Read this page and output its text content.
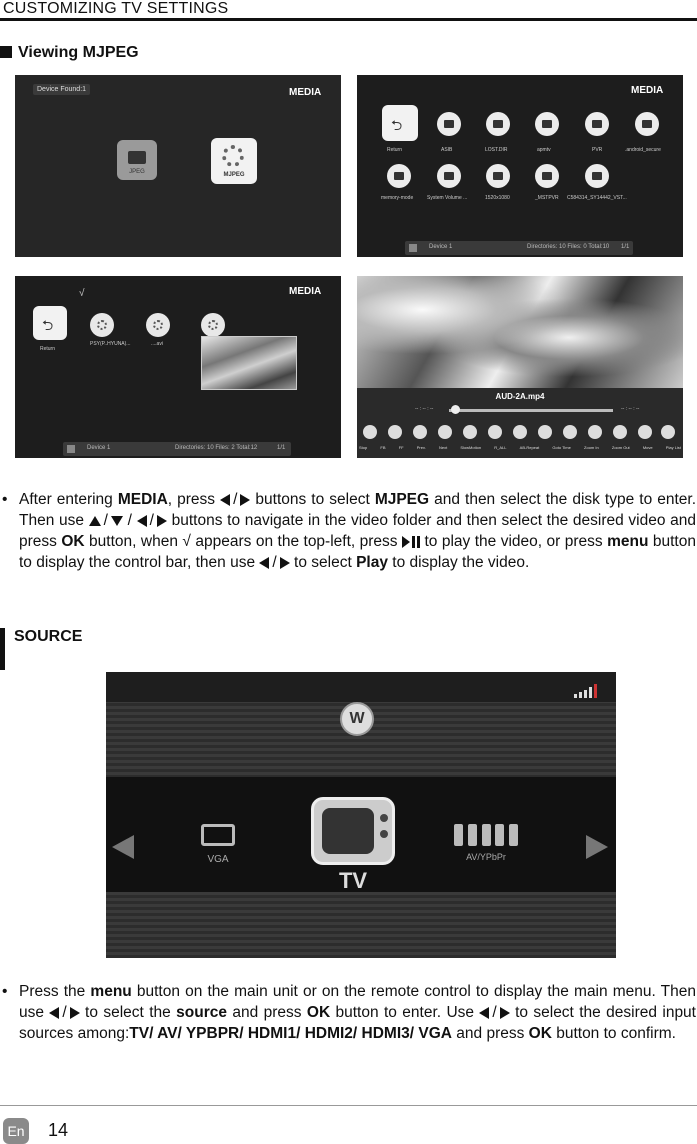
CUSTOMIZING TV SETTINGS
Viewing MJPEG
Device Found:1	MEDIA
JPEG	MJPEG
MEDIA
⮌
Return	ASIB	LOST.DIR	apmtv	PVR	.android_secure
memory-mode	System Volume ...	1520x1080	_MSTPVR C584314_SY14442_VST...
Device 1	Directories: 10 Files: 0 Total:10 1/1
MEDIA
⮌
Return
√
PSY(P..HYUNA)...	....avi
Device 1	Directories: 10 Files: 2 Total:12	1/1
AUD-2A.mp4
-- : -- : --	-- : -- : --
Stop	FB	FF	Prev.	Next	SlowMotion	R_ALL	AB-Repeat	Goto Time	Zoom In	Zoom Out	Move	Play List
• After entering MEDIA, press / buttons to select MJPEG and then select the disk type to enter. Then use / / / buttons to navigate in the video folder and then select the desired video and press OK button, when √ appears on the top-left, press  to play the video, or press menu button to display the control bar, then use / to select Play to display the video.
SOURCE
W
VGA
TV
AV/YPbPr
• Press the menu button on the main unit or on the remote control to display the main menu. Then use / to select the source and press OK button to enter. Use / to select the desired input sources among:TV/ AV/ YPBPR/ HDMI1/ HDMI2/ HDMI3/ VGA and press OK button to confirm.
En 14
